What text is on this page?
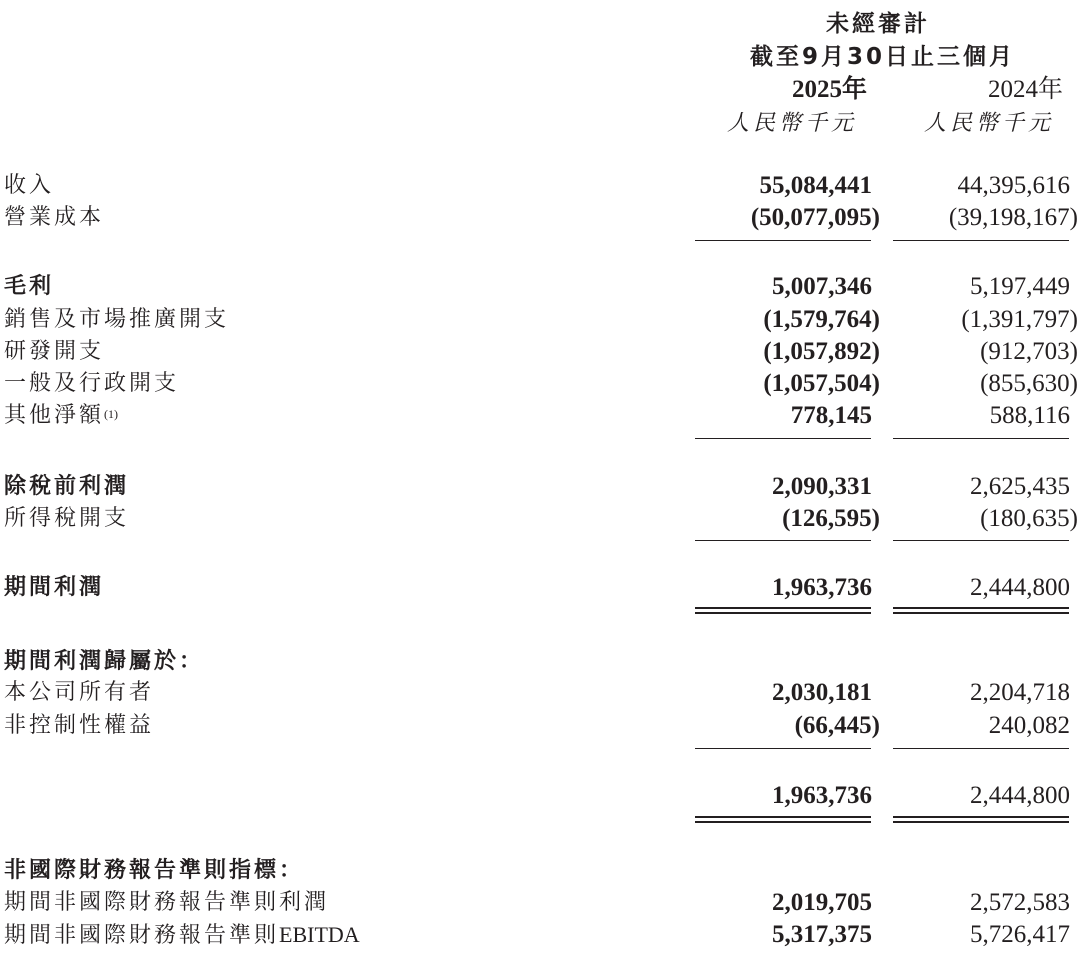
未經審計
截至9月30日止三個月
2025年	2024年
人民幣千元	人民幣千元
收入	55,084,441	44,395,616
營業成本	(50,077,095)	(39,198,167)
毛利	5,007,346	5,197,449
銷售及市場推廣開支	(1,579,764)	(1,391,797)
研發開支	(1,057,892)	(912,703)
一般及行政開支	(1,057,504)	(855,630)
其他淨額$^{(1)}$	778,145	588,116
除稅前利潤	2,090,331	2,625,435
所得稅開支	(126,595)	(180,635)
期間利潤	1,963,736	2,444,800
期間利潤歸屬於：
本公司所有者	2,030,181	2,204,718
非控制性權益	(66,445)	240,082
1,963,736	2,444,800
非國際財務報告準則指標：
期間非國際財務報告準則利潤	2,019,705	2,572,583
期間非國際財務報告準則EBITDA	5,317,375	5,726,417
